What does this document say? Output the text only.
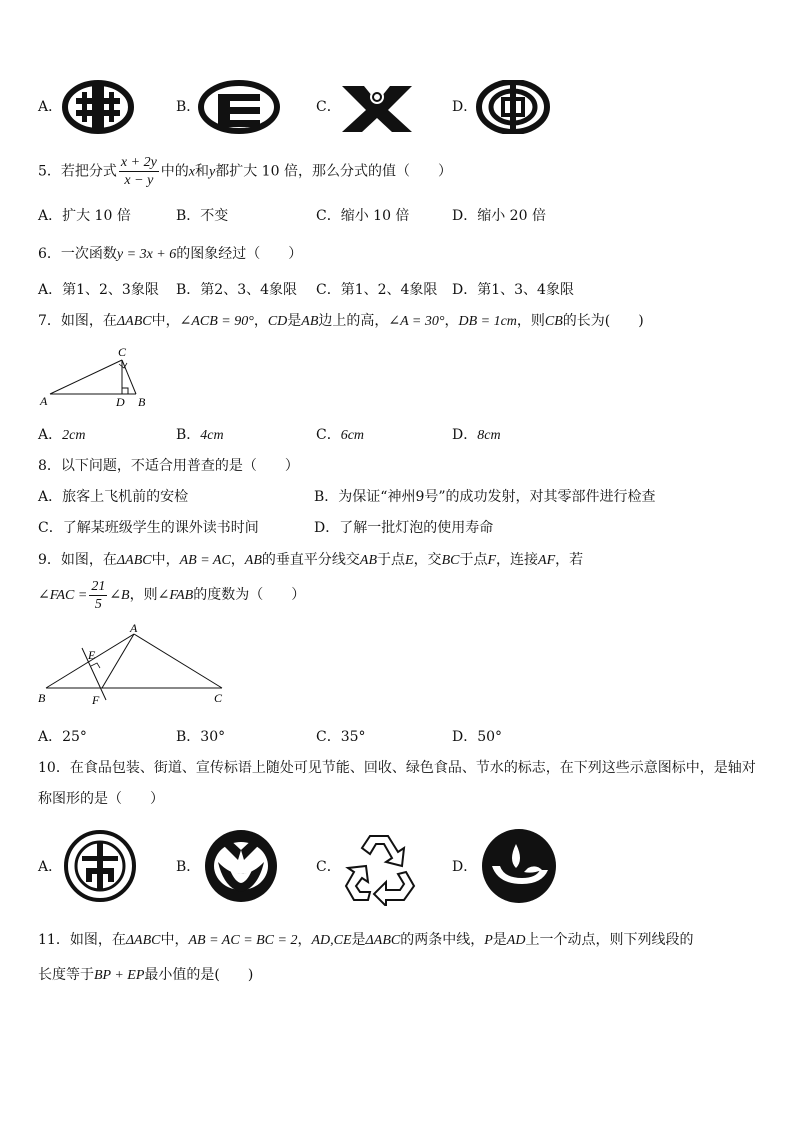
A．	B．	C．	D．
5．若把分式 $\frac{x + 2y}{x - y}$ 中的x和y都扩大 10 倍，那么分式的值（　　）
A．扩大 10 倍	B．不变	C．缩小 10 倍	D．缩小 20 倍
6．一次函数y = 3x + 6的图象经过（　　）
A．第1、2、3象限 B．第2、3、4象限 C．第1、2、4象限 D．第1、3、4象限
7．如图，在ΔABC中，∠ACB = 90°，CD是AB边上的高，∠A = 30°，DB = 1cm，则CB的长为(　　)
C
A	D B
A．2cm	B．4cm	C．6cm	D．8cm
8．以下问题，不适合用普查的是（　　）
A．旅客上飞机前的安检	B．为保证“神州9号”的成功发射，对其零部件进行检查
C．了解某班级学生的课外读书时间	D．了解一批灯泡的使用寿命
9．如图，在ΔABC中，AB = AC，AB的垂直平分线交AB于点E，交BC于点F，连接AF，若
∠FAC = $\frac{21}{5}$ ∠B，则∠FAB的度数为（　　）
A
E
B	F	C
A．25°	B．30°	C．35°	D．50°
10．在食品包装、街道、宣传标语上随处可见节能、回收、绿色食品、节水的标志，在下列这些示意图标中，是轴对
称图形的是（　　）
A．	B．	C．	D．
11．如图，在ΔABC中，AB = AC = BC = 2，AD,CE是ΔABC的两条中线，P是AD上一个动点，则下列线段的
长度等于BP + EP最小值的是(　　)
